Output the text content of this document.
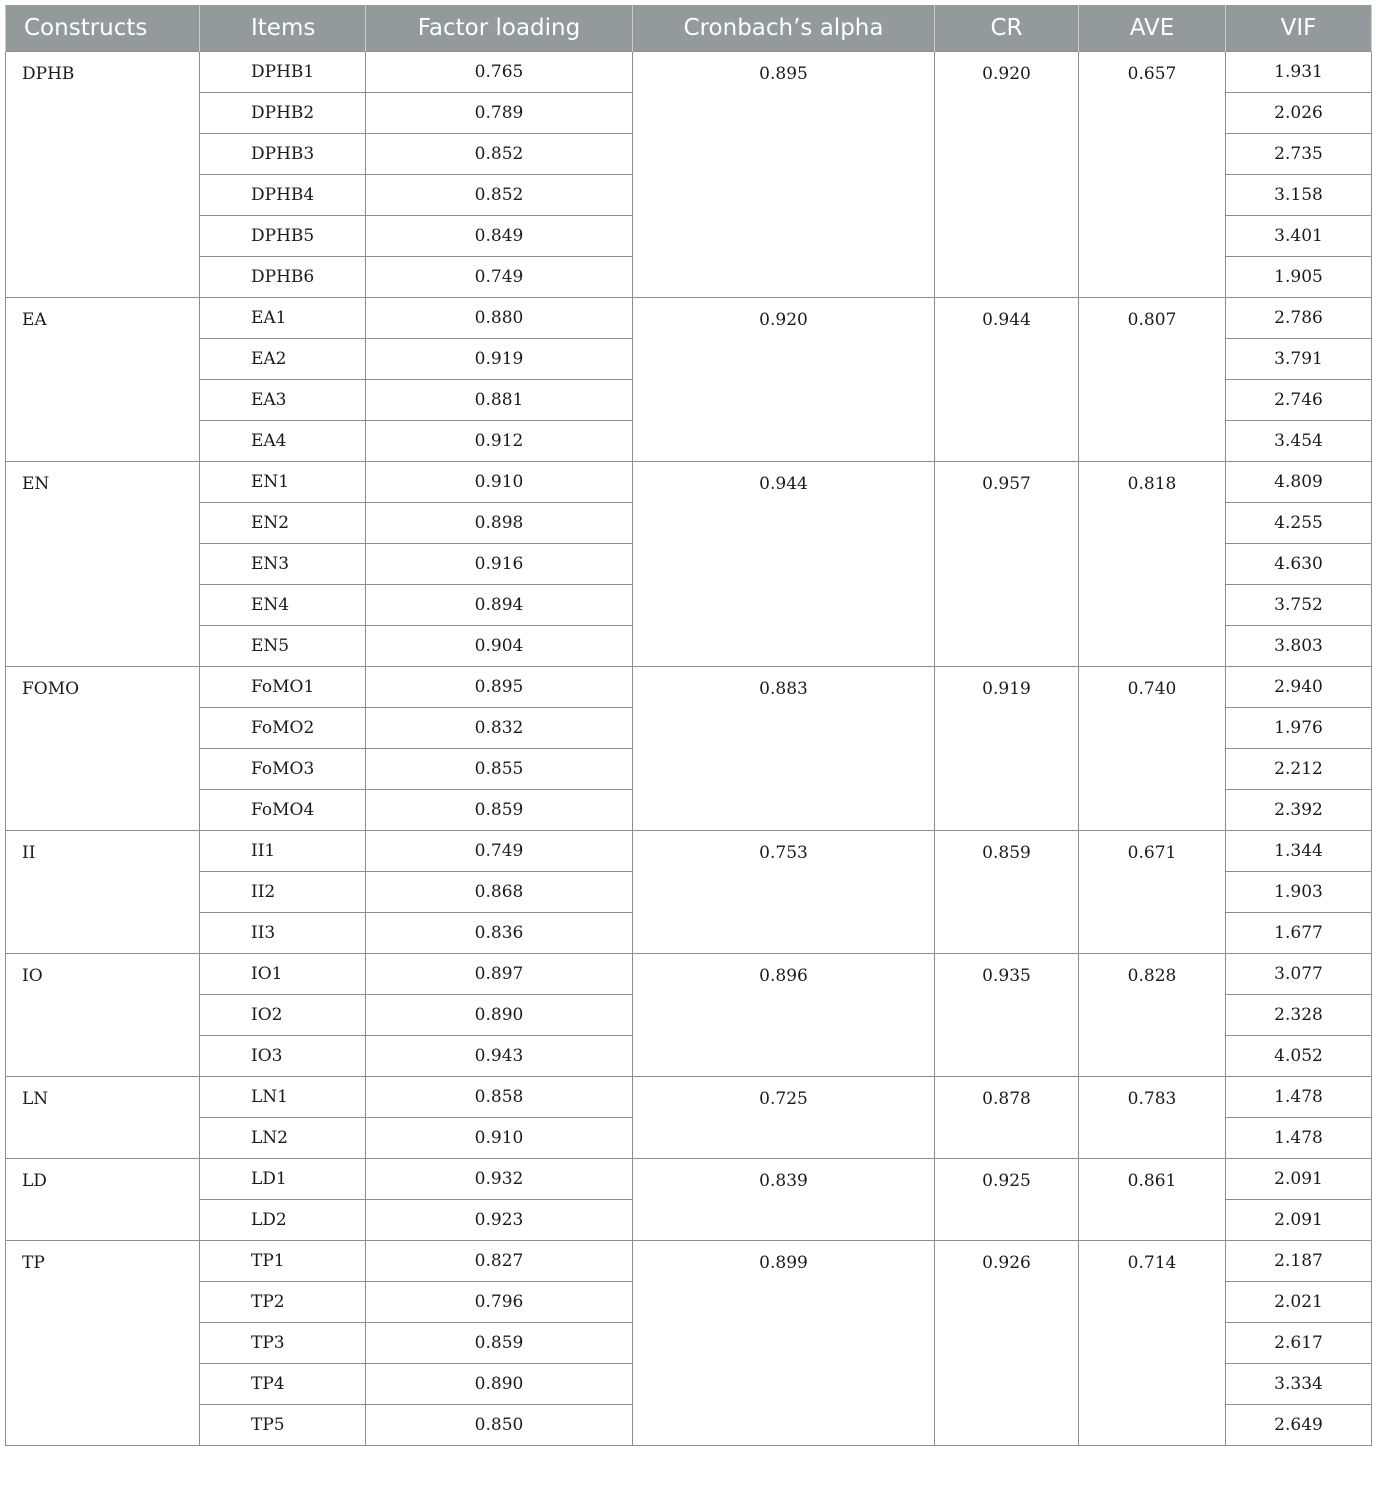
Constructs	Items	Factor loading	Cronbach’s alpha	CR	AVE	VIF
DPHB	DPHB1	0.765	0.895	0.920	0.657	1.931
	DPHB2	0.789				2.026
	DPHB3	0.852				2.735
	DPHB4	0.852				3.158
	DPHB5	0.849				3.401
	DPHB6	0.749				1.905
EA	EA1	0.880	0.920	0.944	0.807	2.786
	EA2	0.919				3.791
	EA3	0.881				2.746
	EA4	0.912				3.454
EN	EN1	0.910	0.944	0.957	0.818	4.809
	EN2	0.898				4.255
	EN3	0.916				4.630
	EN4	0.894				3.752
	EN5	0.904				3.803
FOMO	FoMO1	0.895	0.883	0.919	0.740	2.940
	FoMO2	0.832				1.976
	FoMO3	0.855				2.212
	FoMO4	0.859				2.392
II	II1	0.749	0.753	0.859	0.671	1.344
	II2	0.868				1.903
	II3	0.836				1.677
IO	IO1	0.897	0.896	0.935	0.828	3.077
	IO2	0.890				2.328
	IO3	0.943				4.052
LN	LN1	0.858	0.725	0.878	0.783	1.478
	LN2	0.910				1.478
LD	LD1	0.932	0.839	0.925	0.861	2.091
	LD2	0.923				2.091
TP	TP1	0.827	0.899	0.926	0.714	2.187
	TP2	0.796				2.021
	TP3	0.859				2.617
	TP4	0.890				3.334
	TP5	0.850				2.649
